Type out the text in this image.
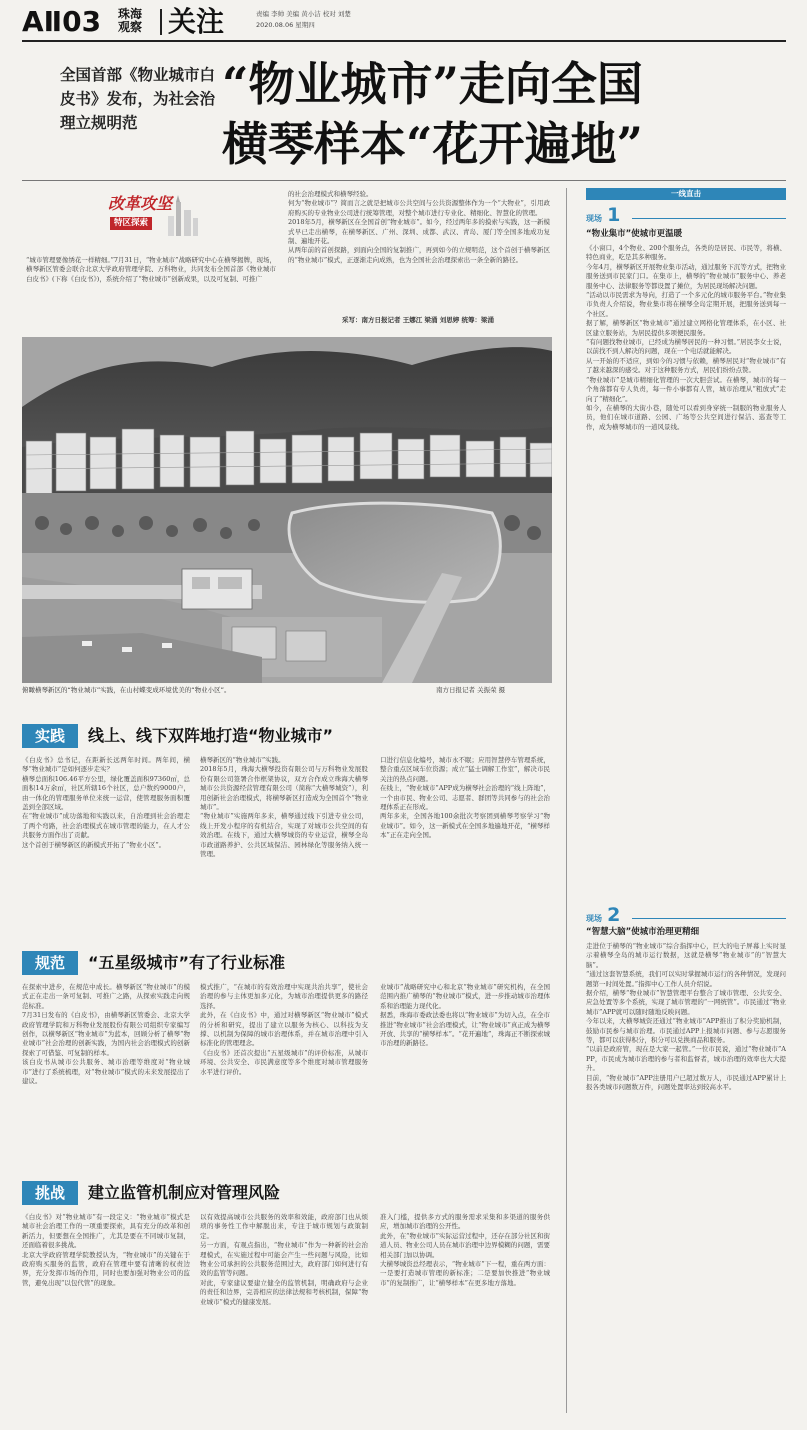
AⅡ03 珠海
观察 关注	责编 李帅 美编 黄小洁 校对 刘楚
2020.08.06 星期四
全国首部《物业城市白皮书》发布，为社会治理立规明范
“物业城市”走向全国
横琴样本“花开遍地”
改革攻坚
特区探索
“城市管理要像绣花一样精细。”7月31日，“物业城市”战略研究中心在横琴揭牌，现场，横琴新区管委会联合北京大学政府管理学院、万科物业，共同发布全国首部《物业城市白皮书》(下称《白皮书》)，系统介绍了“物业城市”创新成果，以及可复制、可推广
的社会治理模式和横琴经验。
何为“物业城市”？简而言之就是把城市公共空间与公共资源整体作为一个“大物业”，引用政府购买的专业物业公司进行统筹管理，对整个城市进行专业化、精细化、智慧化的管理。
2018年5月，横琴新区在全国首创“物业城市”。如今，经过两年多的摸索与实践，这一新模式早已走出横琴，在横琴新区、广州、深圳、成都、武汉、青岛、厦门等全国多地成功复制、遍地开花。
从两年前的首创探路，到面向全国的复制推广，再到如今的立规明范，这个首创于横琴新区的“物业城市”模式，正逐渐走向成熟，也为全国社会治理探索出一条全新的路径。
采写：南方日报记者 王娜江 梁涌 刘思婷 统筹：梁涌
俯瞰横琴新区的“物业城市”实践，在山村蝶变成环境优美的“物业小区”。	南方日报记者 关振荣 摄
实践	线上、线下双阵地打造“物业城市”
《白皮书》总书记，在距新长远两年时间。两年间，横琴“物业城市”是如何逐步走实？
横琴总面积106.46平方公里，绿化覆盖面积97360㎡，总面积14万余㎡，社区所辖16个社区，总户数约9000户，由一体化的管理服务单位来统一运营，使管理服务面积覆盖到全部区域。
在“物业城市”成功落地和实践以来，自治理到社会治理走了两个弯路，社会治理模式在城市管理的能力，在人才公共服务方面作出了贡献。
这个首创于横琴新区的新模式开拓了“物业小区”。
横琴新区的“物业城市”实践。
2018年5月，珠海大横琴投资有限公司与万科物业发展股份有限公司签署合作框架协议，双方合作成立珠海大横琴城市公共资源经营管理有限公司（简称“大横琴城资”），利用创新社会治理模式，将横琴新区打造成为全国首个“物业城市”。
“物业城市”实施两年多来，横琴通过线下引进专业公司，线上开发小程序的有机结合，实现了对城市公共空间的有效治理。在线下，通过大横琴城资的专业运营，横琴全岛市政道路养护、公共区域保洁、园林绿化等服务纳入统一管理。
口进行信息化编号，城市永不眠；应用智慧停车管理系统，整合重点区域车位资源；成立“猛士调解工作室”，解决市民关注的热点问题。
在线上，“物业城市”APP成为横琴社会治理的“线上阵地”，一个由市民、物业公司、志愿者、群团等共同参与的社会治理体系正在形成。
两年多来，全国各地100余批次考察团到横琴考察学习“物业城市”。如今，这一新模式在全国多地遍地开花，“横琴样本”正在走向全国。
规范	“五星级城市”有了行业标准
在探索中进步，在规范中成长。横琴新区“物业城市”的模式正在走出一条可复制、可推广之路，从探索实践走向规范标准。
7月31日发布的《白皮书》，由横琴新区管委会、北京大学政府管理学院和万科物业发展股份有限公司组织专家编写创作，以横琴新区“物业城市”为蓝本，回顾分析了横琴“物业城市”社会治理的创新实践，为国内社会治理模式的创新探索了可借鉴、可复制的样本。
该白皮书从城市公共服务、城市治理等维度对“物业城市”进行了系统梳理，对“物业城市”模式的未来发展提出了建议。
模式推广，“在城市的有效治理中实现共治共享”，使社会治理的参与主体更加多元化，为城市治理提供更多的路径选择。
此外，在《白皮书》中，通过对横琴新区“物业城市”模式的分析和研究，提出了建立以服务为核心、以科技为支撑、以机制为保障的城市治理体系，并在城市治理中引入标准化的管理理念。
《白皮书》还首次提出“五星级城市”的评价标准，从城市环境、公共安全、市民满意度等多个维度对城市管理服务水平进行评价。
业城市”战略研究中心和北京“物业城市”研究机构，在全国范围内推广横琴的“物业城市”模式，进一步推动城市治理体系和治理能力现代化。
据悉，珠海市委政法委也将以“物业城市”为切入点，在全市推进“物业城市”社会治理模式，让“物业城市”真正成为横琴开放、共享的“横琴样本”。“花开遍地”，珠海正不断探索城市治理的新路径。
挑战	建立监管机制应对管理风险
《白皮书》对“物业城市”有一段定义：“物业城市”模式是城市社会治理工作的一项重要探索，具有充分的改革和创新活力，但要想在全国推广，尤其是要在不同城市复制，还面临着很多挑战。
北京大学政府管理学院教授认为，“物业城市”的关键在于政府购买服务的监管，政府在管理中要有清晰的权责边界，充分发挥市场的作用，同时也要加强对物业公司的监管，避免出现“以包代管”的现象。
以有效提高城市公共服务的效率和效能，政府部门也从烦琐的事务性工作中解脱出来，专注于城市规划与政策制定。
另一方面，有观点指出，“物业城市”作为一种新的社会治理模式，在实施过程中可能会产生一些问题与风险，比如物业公司承担的公共服务范围过大，政府部门如何进行有效的监管等问题。
对此，专家建议要建立健全的监管机制，明确政府与企业的责任和边界，完善相应的法律法规和考核机制，保障“物业城市”模式的健康发展。
准入门槛，提供多方式的服务需求采集和多渠道的服务供应，增加城市治理的公开性。
此外，在“物业城市”实际运营过程中，还存在部分社区和街道人员、物业公司人员在城市治理中边界模糊的问题，需要相关部门加以协调。
大横琴城资总经理表示，“物业城市”下一程，重在两方面：一是要打造城市管理的新标准；二是要加快推进“物业城市”的复制推广，让“横琴样本”在更多地方落地。
一线直击
现场 1
“物业集市”使城市更温暖
《小窗口，4个物业、200个服务点，各类的是居民、市民等，将横、特色商业，吃是其多种服务。
今年4月，横琴新区开展物业集市活动，通过服务下沉等方式，把物业服务送到市民家门口。在集市上，横琴的“物业城市”服务中心、养老服务中心、法律服务等都设置了摊位，为居民现场解决问题。
“活动以市民需求为导向，打造了一个多元化的城市服务平台。”物业集市负责人介绍说，物业集市将在横琴全岛定期开展，把服务送到每一个社区。
据了解，横琴新区“物业城市”通过建立网格化管理体系，在小区、社区建立服务站，为居民提供多项便民服务。
“有问题找物业城市，已经成为横琴居民的一种习惯。”居民李女士说，以前找不到人解决的问题，现在一个电话就能解决。
从一开始的不适应，到如今的习惯与依赖，横琴居民对“物业城市”有了越来越深的感受。对于这种服务方式，居民们纷纷点赞。
“物业城市”是城市精细化管理的一次大胆尝试。在横琴，城市的每一个角落都有专人负责，每一件小事都有人管，城市治理从“粗放式”走向了“精细化”。
如今，在横琴的大街小巷，随处可以看到身穿统一制服的物业服务人员，他们在城市道路、公园、广场等公共空间进行保洁、巡查等工作，成为横琴城市的一道风景线。
现场 2
“智慧大脑”使城市治理更精细
走进位于横琴的“物业城市”综合指挥中心，巨大的电子屏幕上实时显示着横琴全岛的城市运行数据，这就是横琴“物业城市”的“智慧大脑”。
“通过这套智慧系统，我们可以实时掌握城市运行的各种情况，发现问题第一时间处置。”指挥中心工作人员介绍说。
据介绍，横琴“物业城市”智慧管理平台整合了城市管理、公共安全、应急处置等多个系统，实现了城市管理的“一网统管”。市民通过“物业城市”APP就可以随时随地反映问题。
今年以来，大横琴城资还通过“物业城市”APP推出了积分奖励机制，鼓励市民参与城市治理。市民通过APP上报城市问题、参与志愿服务等，都可以获得积分，积分可以兑换商品和服务。
“以前是政府管，现在是大家一起管。”一位市民说，通过“物业城市”APP，市民成为城市治理的参与者和监督者，城市治理的效率也大大提升。
目前，“物业城市”APP注册用户已超过数万人，市民通过APP累计上报各类城市问题数万件，问题处置率达到较高水平。
